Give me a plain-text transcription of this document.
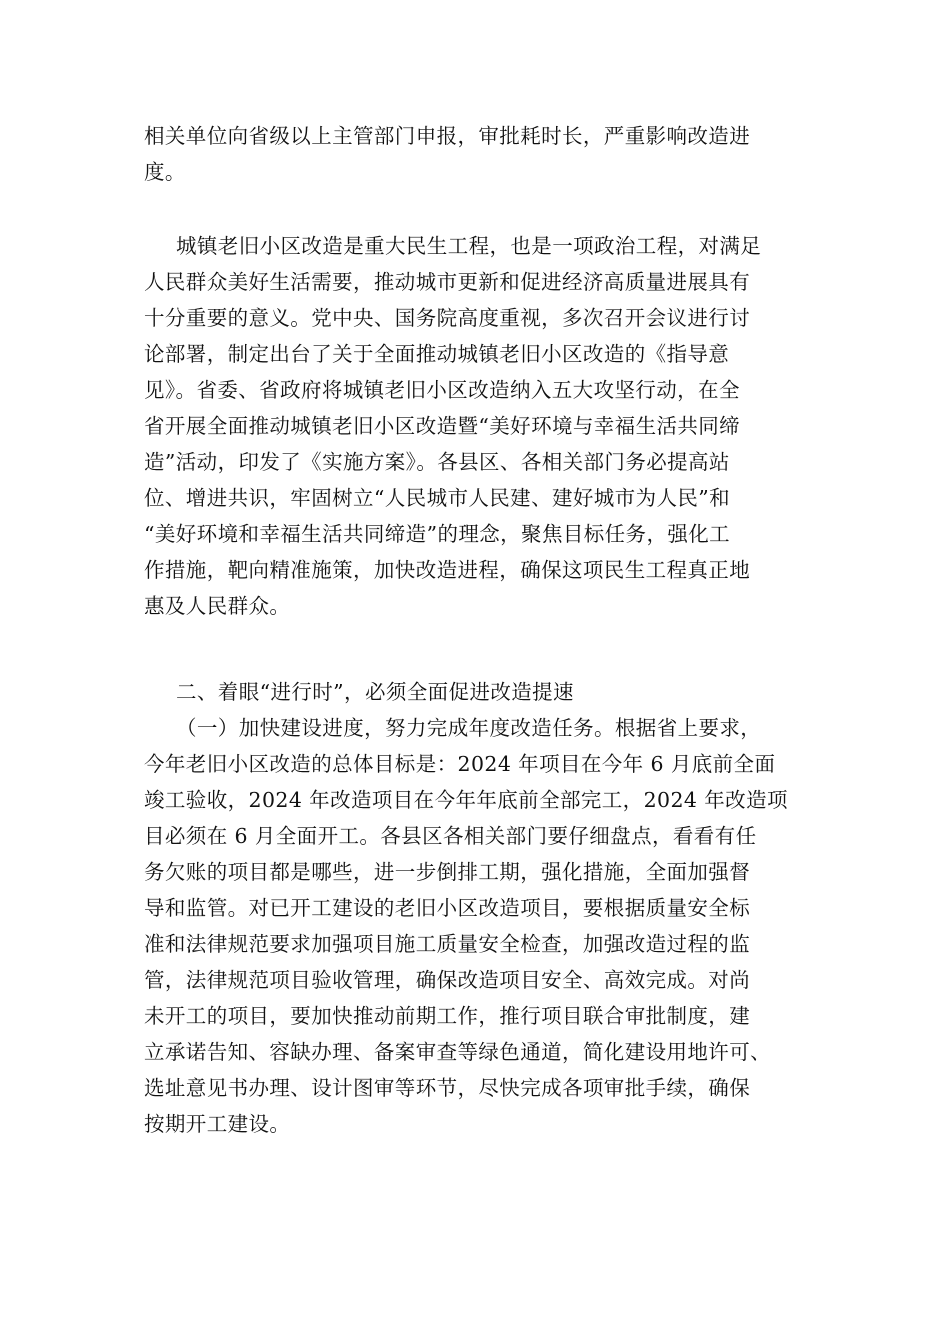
相关单位向省级以上主管部门申报，审批耗时长，严重影响改造进
度。
城镇老旧小区改造是重大民生工程，也是一项政治工程，对满足
人民群众美好生活需要，推动城市更新和促进经济高质量进展具有
十分重要的意义。党中央、国务院高度重视，多次召开会议进行讨
论部署，制定出台了关于全面推动城镇老旧小区改造的《指导意
见》。省委、省政府将城镇老旧小区改造纳入五大攻坚行动，在全
省开展全面推动城镇老旧小区改造暨“美好环境与幸福生活共同缔
造”活动，印发了《实施方案》。各县区、各相关部门务必提高站
位、增进共识，牢固树立“人民城市人民建、建好城市为人民”和
“美好环境和幸福生活共同缔造”的理念，聚焦目标任务，强化工
作措施，靶向精准施策，加快改造进程，确保这项民生工程真正地
惠及人民群众。
二、着眼“进行时”，必须全面促进改造提速
（一）加快建设进度，努力完成年度改造任务。根据省上要求，
今年老旧小区改造的总体目标是：2024 年项目在今年 6 月底前全面
竣工验收，2024 年改造项目在今年年底前全部完工，2024 年改造项
目必须在 6 月全面开工。各县区各相关部门要仔细盘点，看看有任
务欠账的项目都是哪些，进一步倒排工期，强化措施，全面加强督
导和监管。对已开工建设的老旧小区改造项目，要根据质量安全标
准和法律规范要求加强项目施工质量安全检查，加强改造过程的监
管，法律规范项目验收管理，确保改造项目安全、高效完成。对尚
未开工的项目，要加快推动前期工作，推行项目联合审批制度，建
立承诺告知、容缺办理、备案审查等绿色通道，简化建设用地许可、
选址意见书办理、设计图审等环节，尽快完成各项审批手续，确保
按期开工建设。
